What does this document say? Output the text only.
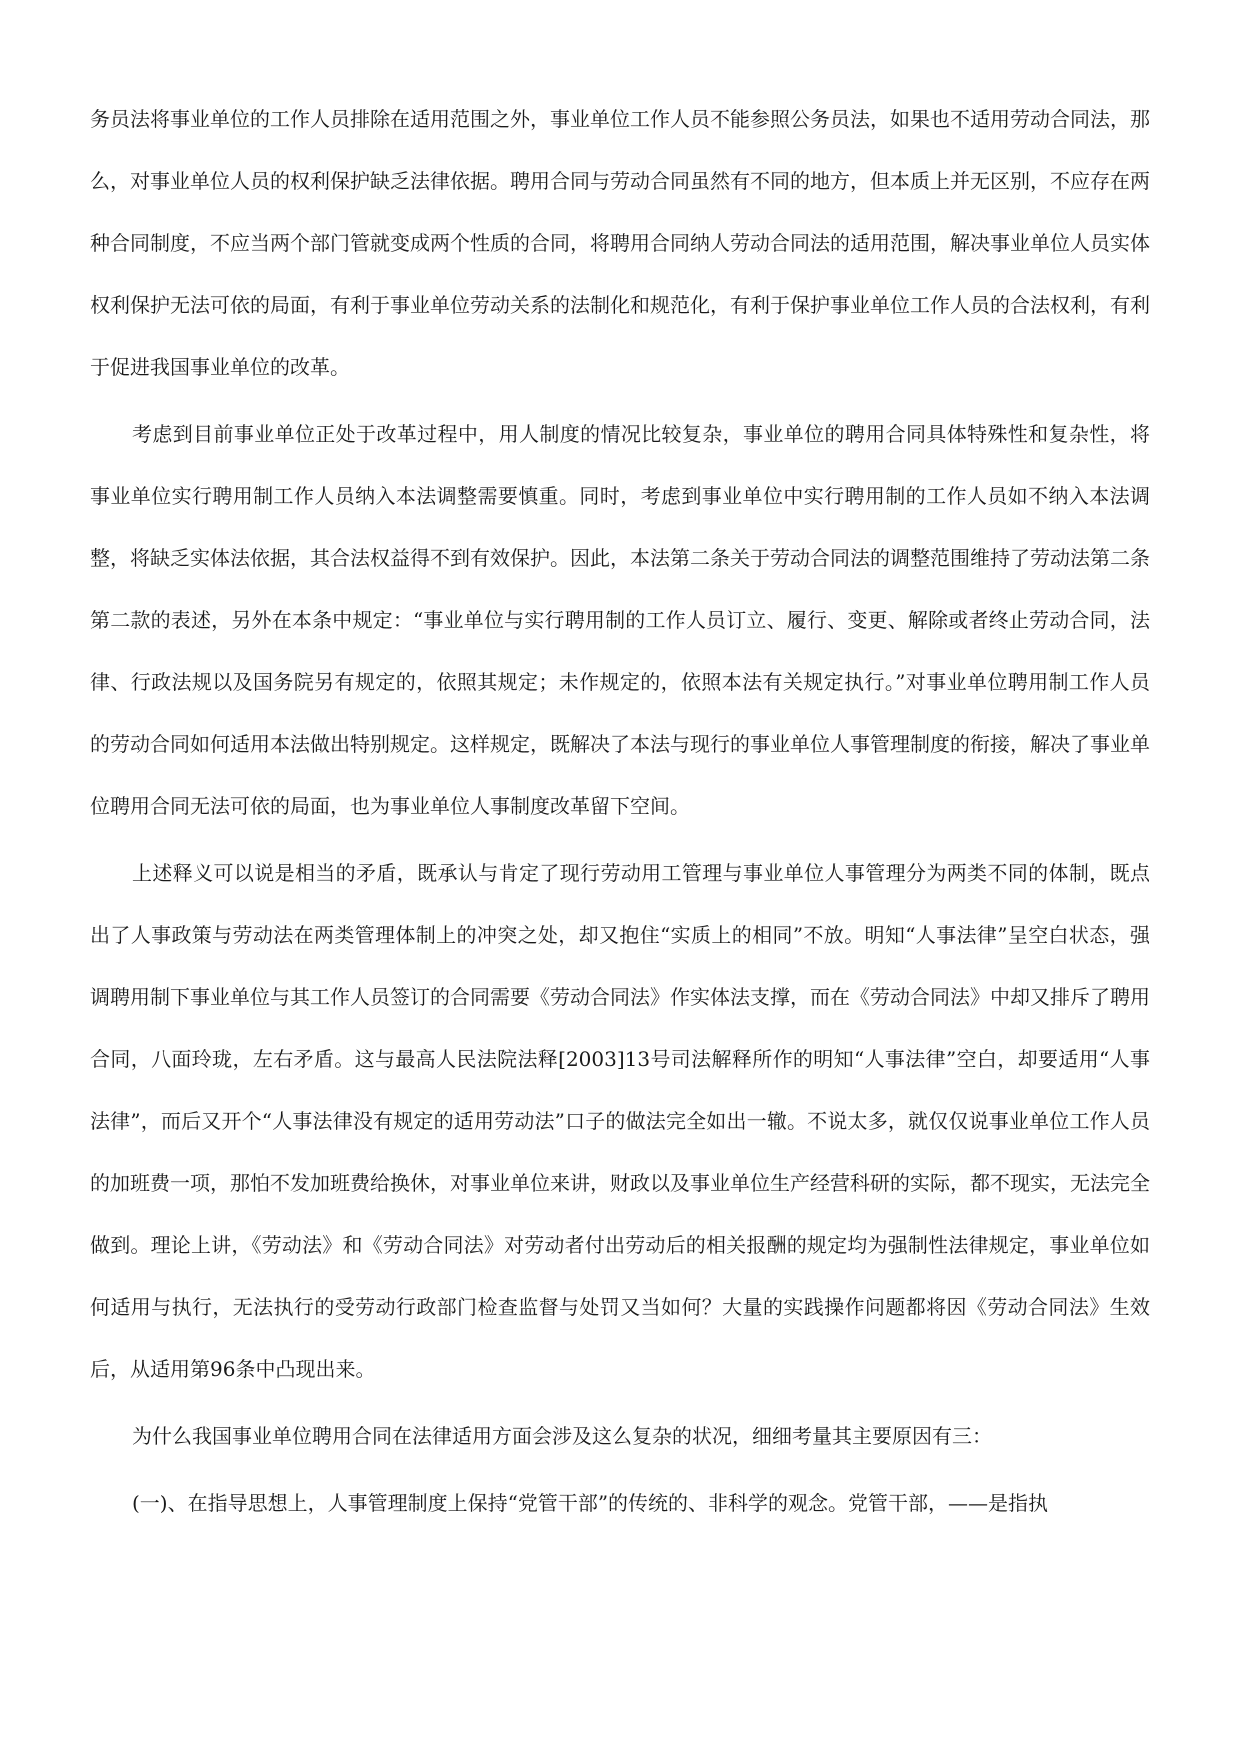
务员法将事业单位的工作人员排除在适用范围之外，事业单位工作人员不能参照公务员法，如果也不适用劳动合同法，那么，对事业单位人员的权利保护缺乏法律依据。聘用合同与劳动合同虽然有不同的地方，但本质上并无区别，不应存在两种合同制度，不应当两个部门管就变成两个性质的合同，将聘用合同纳人劳动合同法的适用范围，解决事业单位人员实体权利保护无法可依的局面，有利于事业单位劳动关系的法制化和规范化，有利于保护事业单位工作人员的合法权利，有利于促进我国事业单位的改革。

考虑到目前事业单位正处于改革过程中，用人制度的情况比较复杂，事业单位的聘用合同具体特殊性和复杂性，将事业单位实行聘用制工作人员纳入本法调整需要慎重。同时，考虑到事业单位中实行聘用制的工作人员如不纳入本法调整，将缺乏实体法依据，其合法权益得不到有效保护。因此，本法第二条关于劳动合同法的调整范围维持了劳动法第二条第二款的表述，另外在本条中规定：“事业单位与实行聘用制的工作人员订立、履行、变更、解除或者终止劳动合同，法律、行政法规以及国务院另有规定的，依照其规定；未作规定的，依照本法有关规定执行。”对事业单位聘用制工作人员的劳动合同如何适用本法做出特别规定。这样规定，既解决了本法与现行的事业单位人事管理制度的衔接，解决了事业单位聘用合同无法可依的局面，也为事业单位人事制度改革留下空间。

上述释义可以说是相当的矛盾，既承认与肯定了现行劳动用工管理与事业单位人事管理分为两类不同的体制，既点出了人事政策与劳动法在两类管理体制上的冲突之处，却又抱住“实质上的相同”不放。明知“人事法律”呈空白状态，强调聘用制下事业单位与其工作人员签订的合同需要《劳动合同法》作实体法支撑，而在《劳动合同法》中却又排斥了聘用合同，八面玲珑，左右矛盾。这与最高人民法院法释[2003]13号司法解释所作的明知“人事法律”空白，却要适用“人事法律”，而后又开个“人事法律没有规定的适用劳动法”口子的做法完全如出一辙。不说太多，就仅仅说事业单位工作人员的加班费一项，那怕不发加班费给换休，对事业单位来讲，财政以及事业单位生产经营科研的实际，都不现实，无法完全做到。理论上讲，《劳动法》和《劳动合同法》对劳动者付出劳动后的相关报酬的规定均为强制性法律规定，事业单位如何适用与执行，无法执行的受劳动行政部门检查监督与处罚又当如何？大量的实践操作问题都将因《劳动合同法》生效后，从适用第96条中凸现出来。

为什么我国事业单位聘用合同在法律适用方面会涉及这么复杂的状况，细细考量其主要原因有三：

(一)、在指导思想上，人事管理制度上保持“党管干部”的传统的、非科学的观念。党管干部，——是指执
